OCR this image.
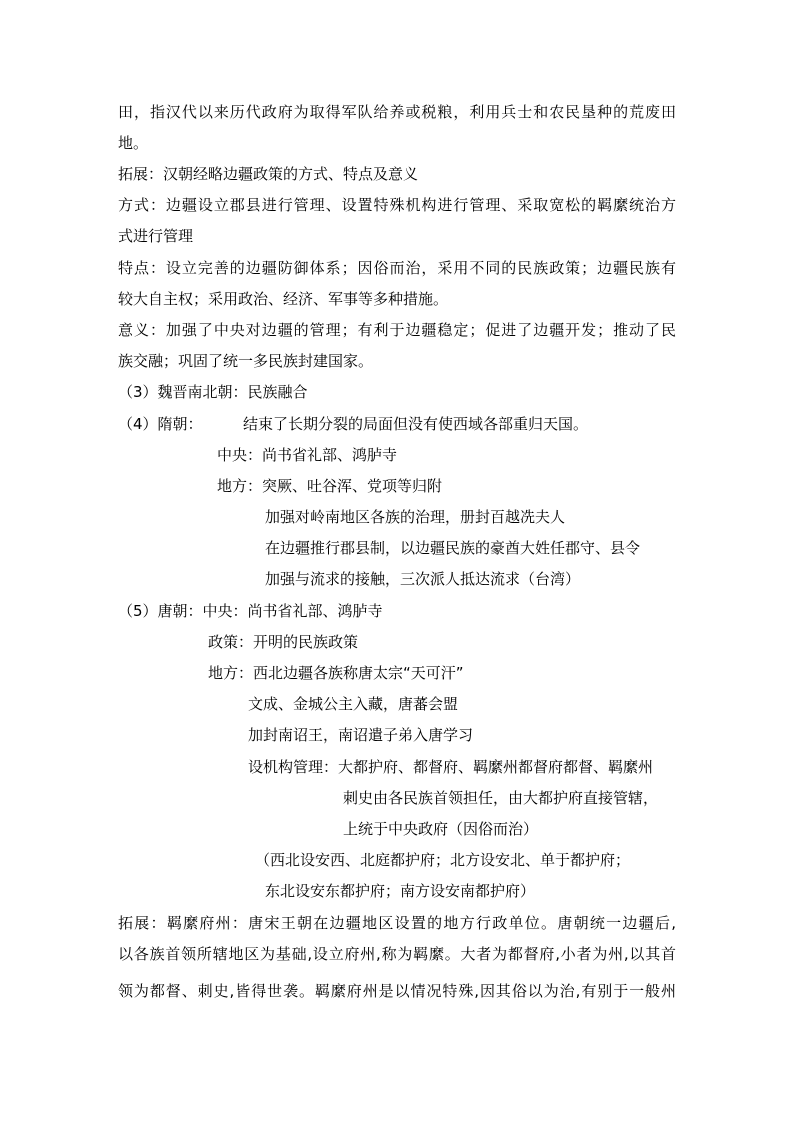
田，指汉代以来历代政府为取得军队给养或税粮，利用兵士和农民垦种的荒废田
地。
拓展：汉朝经略边疆政策的方式、特点及意义
方式：边疆设立郡县进行管理、设置特殊机构进行管理、采取宽松的羁縻统治方
式进行管理
特点：设立完善的边疆防御体系；因俗而治，采用不同的民族政策；边疆民族有
较大自主权；采用政治、经济、军事等多种措施。
意义：加强了中央对边疆的管理；有利于边疆稳定；促进了边疆开发；推动了民
族交融；巩固了统一多民族封建国家。
（3）魏晋南北朝：民族融合
（4）隋朝：	结束了长期分裂的局面但没有使西域各部重归天国。
中央：尚书省礼部、鸿胪寺
地方：突厥、吐谷浑、党项等归附
加强对岭南地区各族的治理，册封百越冼夫人
在边疆推行郡县制，以边疆民族的豪酋大姓任郡守、县令
加强与流求的接触，三次派人抵达流求（台湾）
（5）唐朝：中央：尚书省礼部、鸿胪寺
政策：开明的民族政策
地方：西北边疆各族称唐太宗“天可汗”
文成、金城公主入藏，唐蕃会盟
加封南诏王，南诏遣子弟入唐学习
设机构管理：大都护府、都督府、羁縻州都督府都督、羁縻州
刺史由各民族首领担任，由大都护府直接管辖，
上统于中央政府（因俗而治）
（西北设安西、北庭都护府；北方设安北、单于都护府；
东北设安东都护府；南方设安南都护府）
拓展：羁縻府州：唐宋王朝在边疆地区设置的地方行政单位。唐朝统一边疆后,
以各族首领所辖地区为基础,设立府州,称为羁縻。大者为都督府,小者为州,以其首
领为都督、刺史,皆得世袭。羁縻府州是以情况特殊,因其俗以为治,有别于一般州
